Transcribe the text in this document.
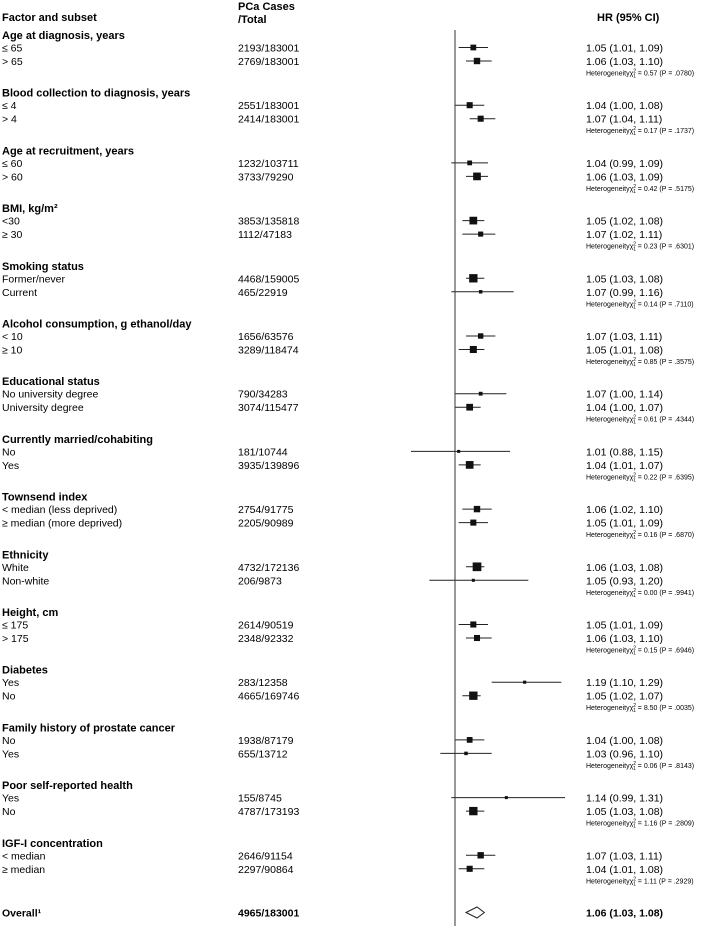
Factor and subset
PCa Cases
/Total	HR (95% CI)
Age at diagnosis, years
≤ 65	2193/183001	1.05 (1.01, 1.09)
> 65	2769/183001	1.06 (1.03, 1.10)
Heterogeneityχ$^2$ 1 = 0.57 (P = .0780)
Blood collection to diagnosis, years
≤ 4	2551/183001	1.04 (1.00, 1.08)
> 4	2414/183001	1.07 (1.04, 1.11)
Heterogeneityχ$^2$ 1 = 0.17 (P = .1737)
Age at recruitment, years
≤ 60	1232/103711	1.04 (0.99, 1.09)
> 60	3733/79290	1.06 (1.03, 1.09)
Heterogeneityχ$^2$ 1 = 0.42 (P = .5175)
BMI, kg/m²
<30	3853/135818	1.05 (1.02, 1.08)
≥ 30	1112/47183	1.07 (1.02, 1.11)
Heterogeneityχ$^2$ 1 = 0.23 (P = .6301)
Smoking status
Former/never	4468/159005	1.05 (1.03, 1.08)
Current	465/22919	1.07 (0.99, 1.16)
Heterogeneityχ$^2$ 1 = 0.14 (P = .7110)
Alcohol consumption, g ethanol/day
< 10	1656/63576	1.07 (1.03, 1.11)
≥ 10	3289/118474	1.05 (1.01, 1.08)
Heterogeneityχ$^2$ 1 = 0.85 (P = .3575)
Educational status
No university degree	790/34283	1.07 (1.00, 1.14)
University degree	3074/115477	1.04 (1.00, 1.07)
Heterogeneityχ$^2$ 1 = 0.61 (P = .4344)
Currently married/cohabiting
No	181/10744	1.01 (0.88, 1.15)
Yes	3935/139896	1.04 (1.01, 1.07)
Heterogeneityχ$^2$ 1 = 0.22 (P = .6395)
Townsend index
< median (less deprived)	2754/91775	1.06 (1.02, 1.10)
≥ median (more deprived)	2205/90989	1.05 (1.01, 1.09)
Heterogeneityχ$^2$ 1 = 0.16 (P = .6870)
Ethnicity
White	4732/172136	1.06 (1.03, 1.08)
Non-white	206/9873	1.05 (0.93, 1.20)
Heterogeneityχ$^2$ 1 = 0.00 (P = .9941)
Height, cm
≤ 175	2614/90519	1.05 (1.01, 1.09)
> 175	2348/92332	1.06 (1.03, 1.10)
Heterogeneityχ$^2$ 1 = 0.15 (P = .6946)
Diabetes
Yes	283/12358	1.19 (1.10, 1.29)
No	4665/169746	1.05 (1.02, 1.07)
Heterogeneityχ$^2$ 1 = 8.50 (P = .0035)
Family history of prostate cancer
No	1938/87179	1.04 (1.00, 1.08)
Yes	655/13712	1.03 (0.96, 1.10)
Heterogeneityχ$^2$ 1 = 0.06 (P = .8143)
Poor self-reported health
Yes	155/8745	1.14 (0.99, 1.31)
No	4787/173193	1.05 (1.03, 1.08)
Heterogeneityχ$^2$ 1 = 1.16 (P = .2809)
IGF-I concentration
< median	2646/91154	1.07 (1.03, 1.11)
≥ median	2297/90864	1.04 (1.01, 1.08)
Heterogeneityχ$^2$ 1 = 1.11 (P = .2929)
Overall¹	4965/183001	1.06 (1.03, 1.08)
